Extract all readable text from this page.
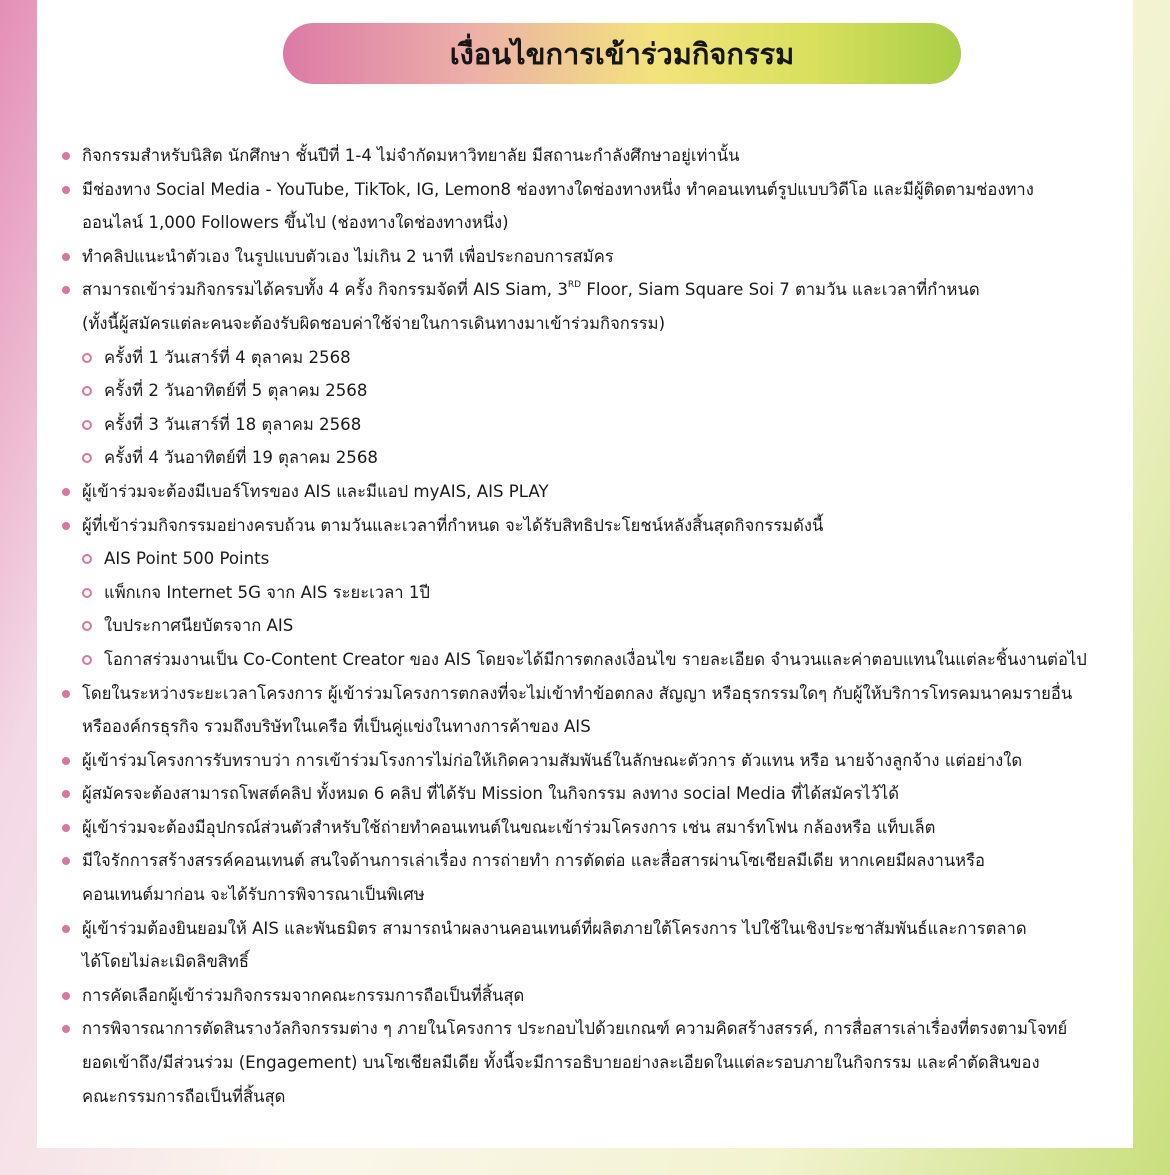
เงื่อนไขการเข้าร่วมกิจกรรม
กิจกรรมสำหรับนิสิต นักศึกษา ชั้นปีที่ 1-4 ไม่จำกัดมหาวิทยาลัย มีสถานะกำลังศึกษาอยู่เท่านั้น
มีช่องทาง Social Media - YouTube, TikTok, IG, Lemon8 ช่องทางใดช่องทางหนึ่ง ทำคอนเทนต์รูปแบบวิดีโอ และมีผู้ติดตามช่องทาง
ออนไลน์ 1,000 Followers ขึ้นไป (ช่องทางใดช่องทางหนึ่ง)
ทำคลิปแนะนำตัวเอง ในรูปแบบตัวเอง ไม่เกิน 2 นาที เพื่อประกอบการสมัคร
สามารถเข้าร่วมกิจกรรมได้ครบทั้ง 4 ครั้ง กิจกรรมจัดที่ AIS Siam, 3RD Floor, Siam Square Soi 7 ตามวัน และเวลาที่กำหนด
(ทั้งนี้ผู้สมัครแต่ละคนจะต้องรับผิดชอบค่าใช้จ่ายในการเดินทางมาเข้าร่วมกิจกรรม)
ครั้งที่ 1 วันเสาร์ที่ 4 ตุลาคม 2568
ครั้งที่ 2 วันอาทิตย์ที่ 5 ตุลาคม 2568
ครั้งที่ 3 วันเสาร์ที่ 18 ตุลาคม 2568
ครั้งที่ 4 วันอาทิตย์ที่ 19 ตุลาคม 2568
ผู้เข้าร่วมจะต้องมีเบอร์โทรของ AIS และมีแอป myAIS, AIS PLAY
ผู้ที่เข้าร่วมกิจกรรมอย่างครบถ้วน ตามวันและเวลาที่กำหนด จะได้รับสิทธิประโยชน์หลังสิ้นสุดกิจกรรมดังนี้
AIS Point 500 Points
แพ็กเกจ Internet 5G จาก AIS ระยะเวลา 1ปี
ใบประกาศนียบัตรจาก AIS
โอกาสร่วมงานเป็น Co-Content Creator ของ AIS โดยจะได้มีการตกลงเงื่อนไข รายละเอียด จำนวนและค่าตอบแทนในแต่ละชิ้นงานต่อไป
โดยในระหว่างระยะเวลาโครงการ ผู้เข้าร่วมโครงการตกลงที่จะไม่เข้าทำข้อตกลง สัญญา หรือธุรกรรมใดๆ กับผู้ให้บริการโทรคมนาคมรายอื่น
หรือองค์กรธุรกิจ รวมถึงบริษัทในเครือ ที่เป็นคู่แข่งในทางการค้าของ AIS
ผู้เข้าร่วมโครงการรับทราบว่า การเข้าร่วมโรงการไม่ก่อให้เกิดความสัมพันธ์ในลักษณะตัวการ ตัวแทน หรือ นายจ้างลูกจ้าง แต่อย่างใด
ผู้สมัครจะต้องสามารถโพสต์คลิป ทั้งหมด 6 คลิป ที่ได้รับ Mission ในกิจกรรม ลงทาง social Media ที่ได้สมัครไว้ได้
ผู้เข้าร่วมจะต้องมีอุปกรณ์ส่วนตัวสำหรับใช้ถ่ายทำคอนเทนต์ในขณะเข้าร่วมโครงการ เช่น สมาร์ทโฟน กล้องหรือ แท็บเล็ต
มีใจรักการสร้างสรรค์คอนเทนต์ สนใจด้านการเล่าเรื่อง การถ่ายทำ การตัดต่อ และสื่อสารผ่านโซเชียลมีเดีย หากเคยมีผลงานหรือ
คอนเทนต์มาก่อน จะได้รับการพิจารณาเป็นพิเศษ
ผู้เข้าร่วมต้องยินยอมให้ AIS และพันธมิตร สามารถนำผลงานคอนเทนต์ที่ผลิตภายใต้โครงการ ไปใช้ในเชิงประชาสัมพันธ์และการตลาด
ได้โดยไม่ละเมิดลิขสิทธิ์
การคัดเลือกผู้เข้าร่วมกิจกรรมจากคณะกรรมการถือเป็นที่สิ้นสุด
การพิจารณาการตัดสินรางวัลกิจกรรมต่าง ๆ ภายในโครงการ ประกอบไปด้วยเกณฑ์ ความคิดสร้างสรรค์, การสื่อสารเล่าเรื่องที่ตรงตามโจทย์
ยอดเข้าถึง/มีส่วนร่วม (Engagement) บนโซเชียลมีเดีย ทั้งนี้จะมีการอธิบายอย่างละเอียดในแต่ละรอบภายในกิจกรรม และคำตัดสินของ
คณะกรรมการถือเป็นที่สิ้นสุด
